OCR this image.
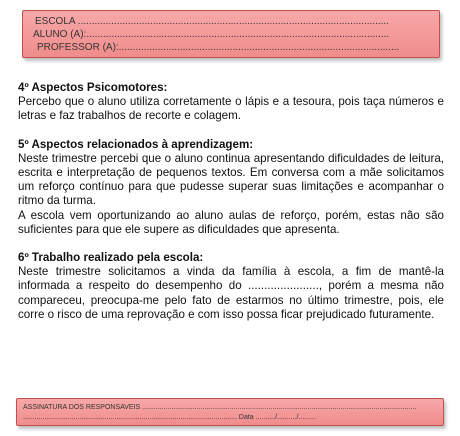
ESCOLA ................................................................................................................
ALUNO (A):.............................................................................................................
PROFESSOR (A):.....................................................................................................
4º Aspectos Psicomotores:
Percebo que o aluno utiliza corretamente o lápis e a tesoura, pois taça números e letras e faz trabalhos de recorte e colagem.
5º Aspectos relacionados à aprendizagem:
Neste trimestre percebi que o aluno continua apresentando dificuldades de leitura, escrita e interpretação de pequenos textos. Em conversa com a mãe solicitamos um reforço contínuo para que pudesse superar suas limitações e acompanhar o ritmo da turma.
A escola vem oportunizando ao aluno aulas de reforço, porém, estas não são suficientes para que ele supere as dificuldades que apresenta.
6º Trabalho realizado pela escola:
Neste trimestre solicitamos a vinda da família à escola, a fim de mantê-la informada a respeito do desempenho do ......................, porém a mesma não compareceu, preocupa-me pelo fato de estarmos no último trimestre, pois, ele corre o risco de uma reprovação e com isso possa ficar prejudicado futuramente.
ASSINATURA DOS RESPONSAVEIS .............................................................................................................................................
.............................................................................................................. Data ........../........../.........
